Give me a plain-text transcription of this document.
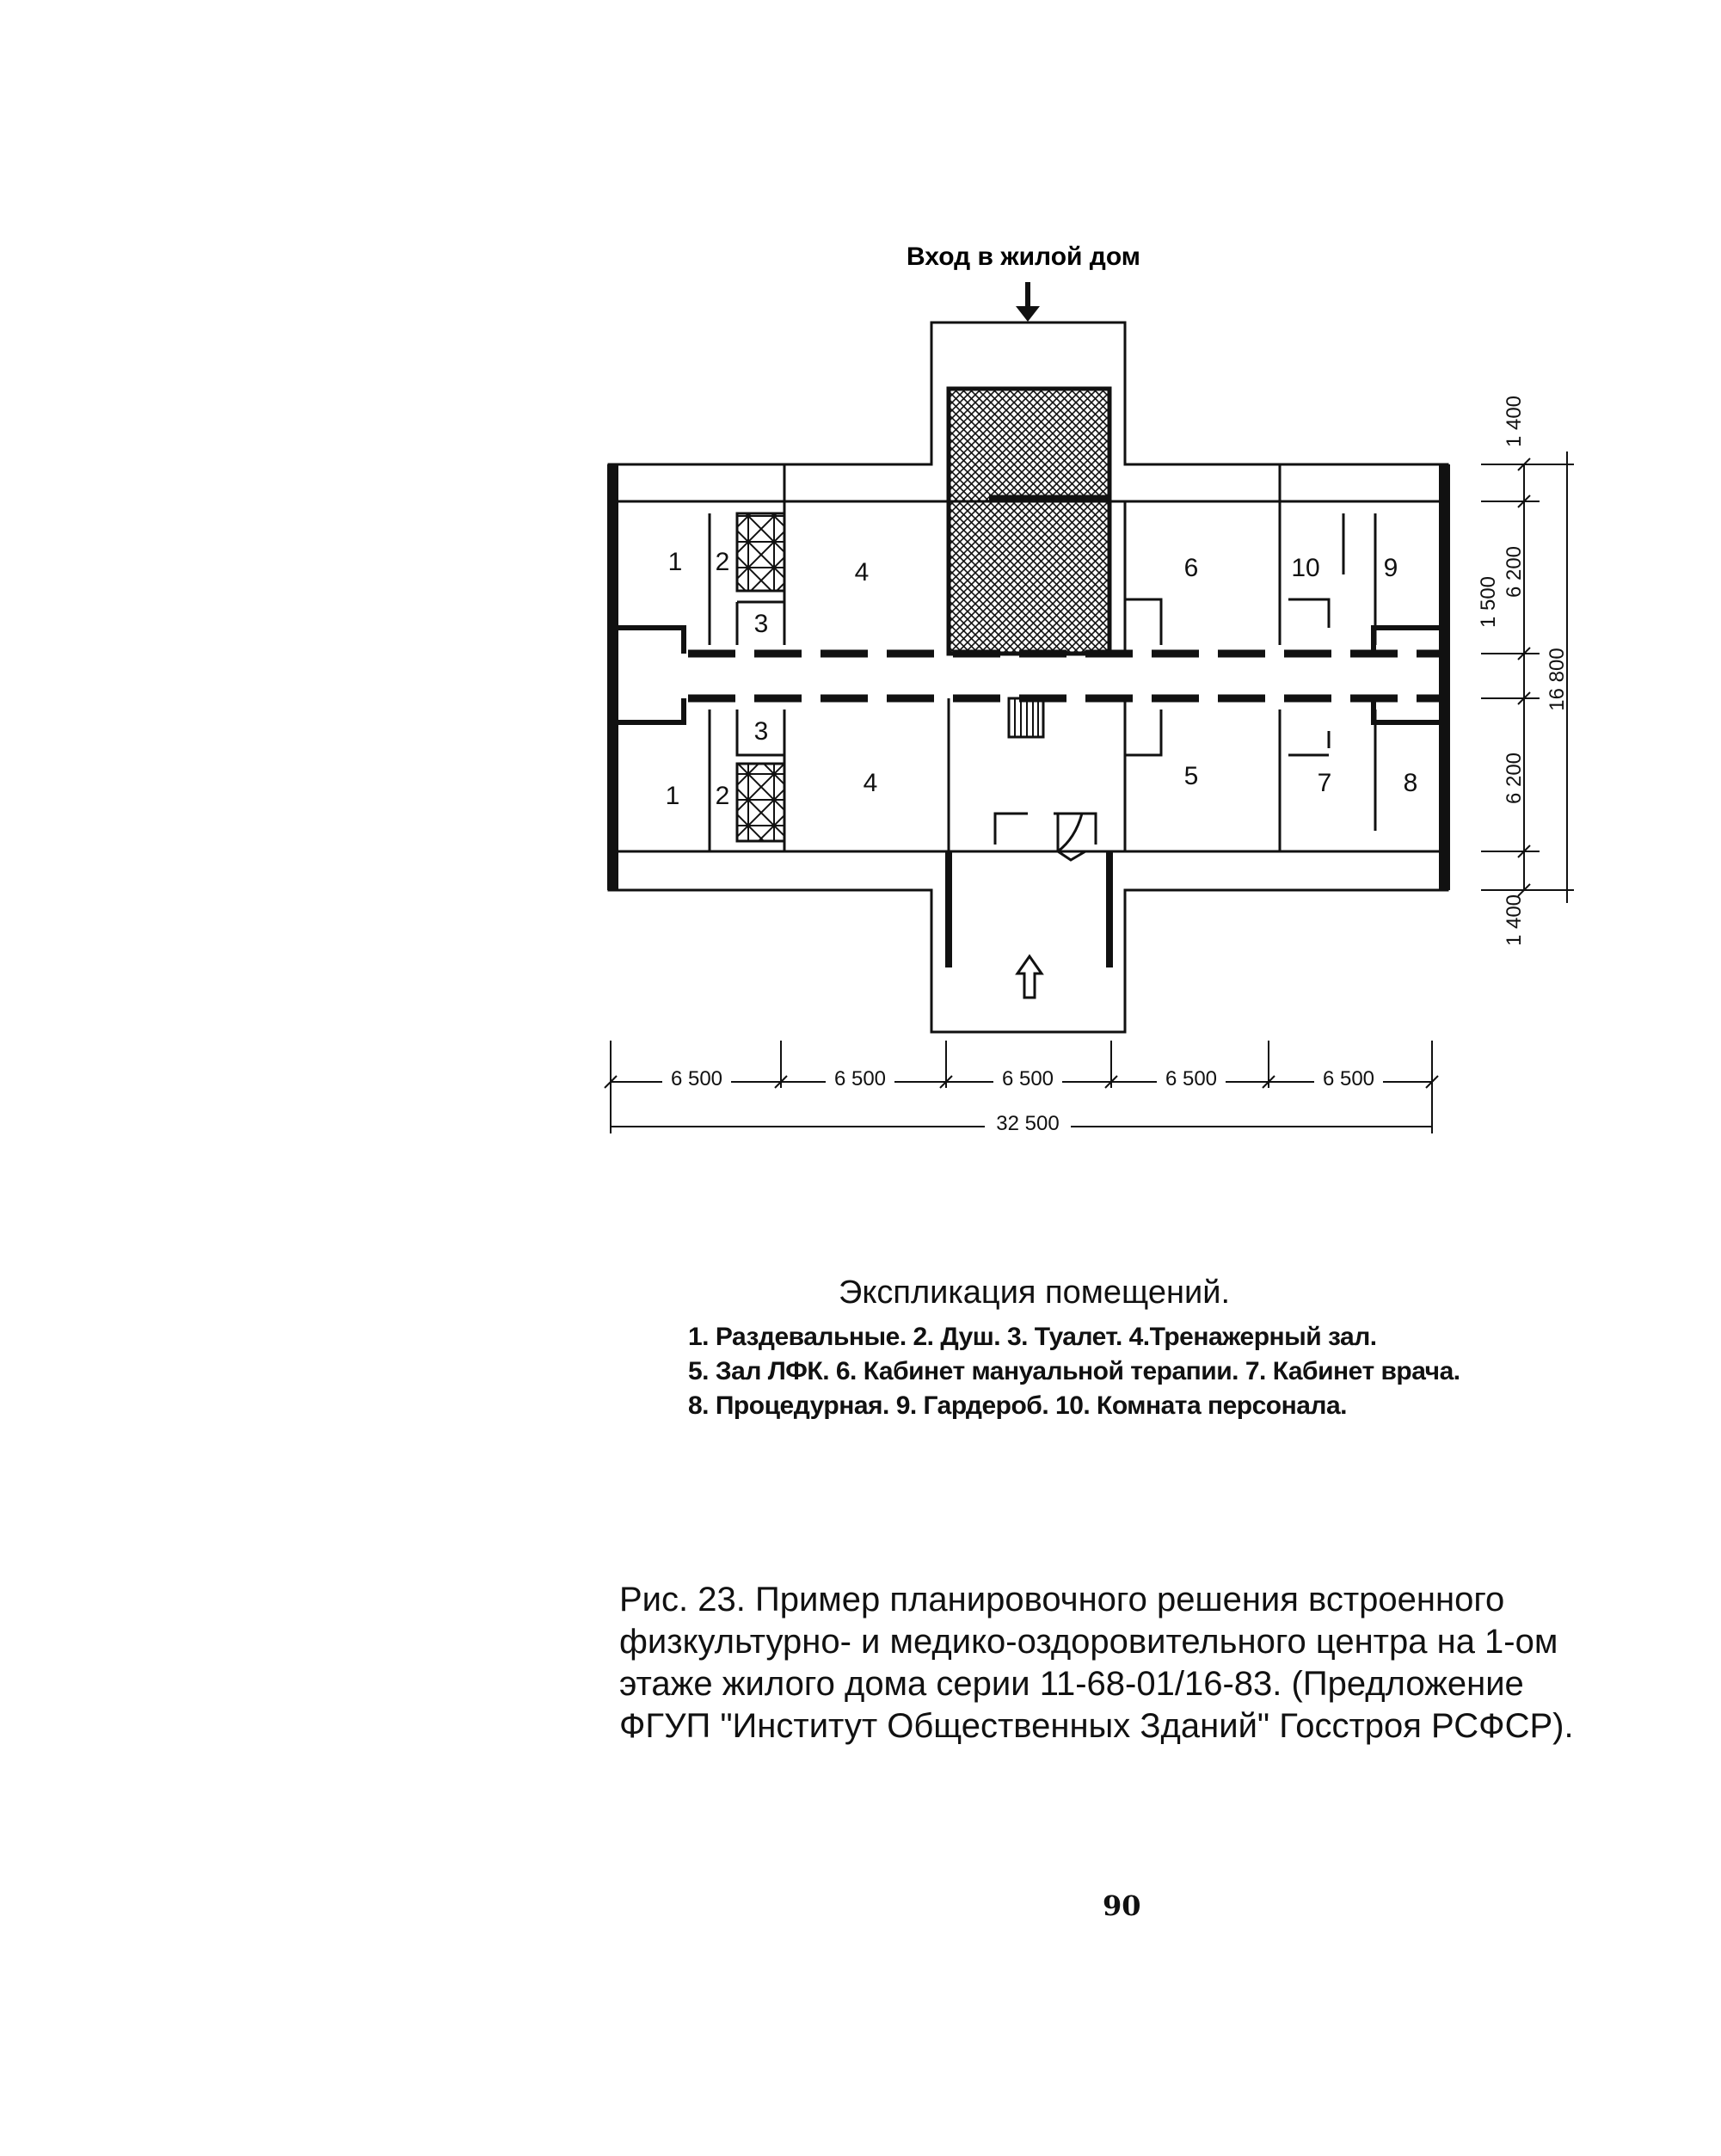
Вход в жилой дом
1 2
3
4	6	10 9
3
1 2	4	5	7	8
1 400
6 200
1 500
6 200
16 800
1 400
6 500	6 500	6 500	6 500	6 500
32 500
Экспликация помещений.
1. Раздевальные. 2. Душ. 3. Туалет. 4.Тренажерный зал.
5. Зал ЛФК. 6. Кабинет мануальной терапии. 7. Кабинет врача.
8. Процедурная. 9. Гардероб. 10. Комната персонала.
Рис. 23. Пример планировочного решения встроенного
физкультурно- и медико-оздоровительного центра на 1-ом
этаже жилого дома серии 11-68-01/16-83. (Предложение
ФГУП "Институт Общественных Зданий" Госстроя РСФСР).
90
